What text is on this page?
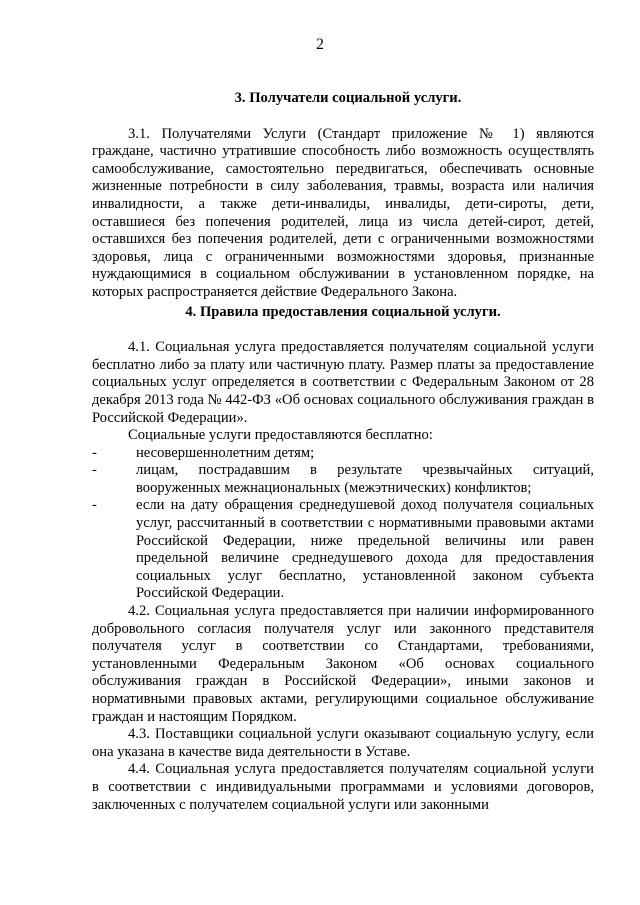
2
3. Получатели социальной услуги.

3.1. Получателями Услуги (Стандарт приложение № 1) являются граждане, частично утратившие способность либо возможность осуществлять самообслуживание, самостоятельно передвигаться, обеспечивать основные жизненные потребности в силу заболевания, травмы, возраста или наличия инвалидности, а также дети-инвалиды, инвалиды, дети-сироты, дети, оставшиеся без попечения родителей, лица из числа детей-сирот, детей, оставшихся без попечения родителей, дети с ограниченными возможностями здоровья, лица с ограниченными возможностями здоровья, признанные нуждающимися в социальном обслуживании в установленном порядке, на которых распространяется действие Федерального Закона.

4. Правила предоставления социальной услуги.

4.1. Социальная услуга предоставляется получателям социальной услуги бесплатно либо за плату или частичную плату. Размер платы за предоставление социальных услуг определяется в соответствии с Федеральным Законом от 28 декабря 2013 года № 442-ФЗ «Об основах социального обслуживания граждан в Российской Федерации».

Социальные услуги предоставляются бесплатно:

-	несовершеннолетним детям;
-	лицам, пострадавшим в результате чрезвычайных ситуаций, вооруженных межнациональных (межэтнических) конфликтов;
-	если на дату обращения среднедушевой доход получателя социальных услуг, рассчитанный в соответствии с нормативными правовыми актами Российской Федерации, ниже предельной величины или равен предельной величине среднедушевого дохода для предоставления социальных услуг бесплатно, установленной законом субъекта Российской Федерации.

4.2. Социальная услуга предоставляется при наличии информированного добровольного согласия получателя услуг или законного представителя получателя услуг в соответствии со Стандартами, требованиями, установленными Федеральным Законом «Об основах социального обслуживания граждан в Российской Федерации», иными законов и нормативными правовых актами, регулирующими социальное обслуживание граждан и настоящим Порядком.

4.3. Поставщики социальной услуги оказывают социальную услугу, если она указана в качестве вида деятельности в Уставе.

4.4. Социальная услуга предоставляется получателям социальной услуги в соответствии с индивидуальными программами и условиями договоров, заключенных с получателем социальной услуги или законными
